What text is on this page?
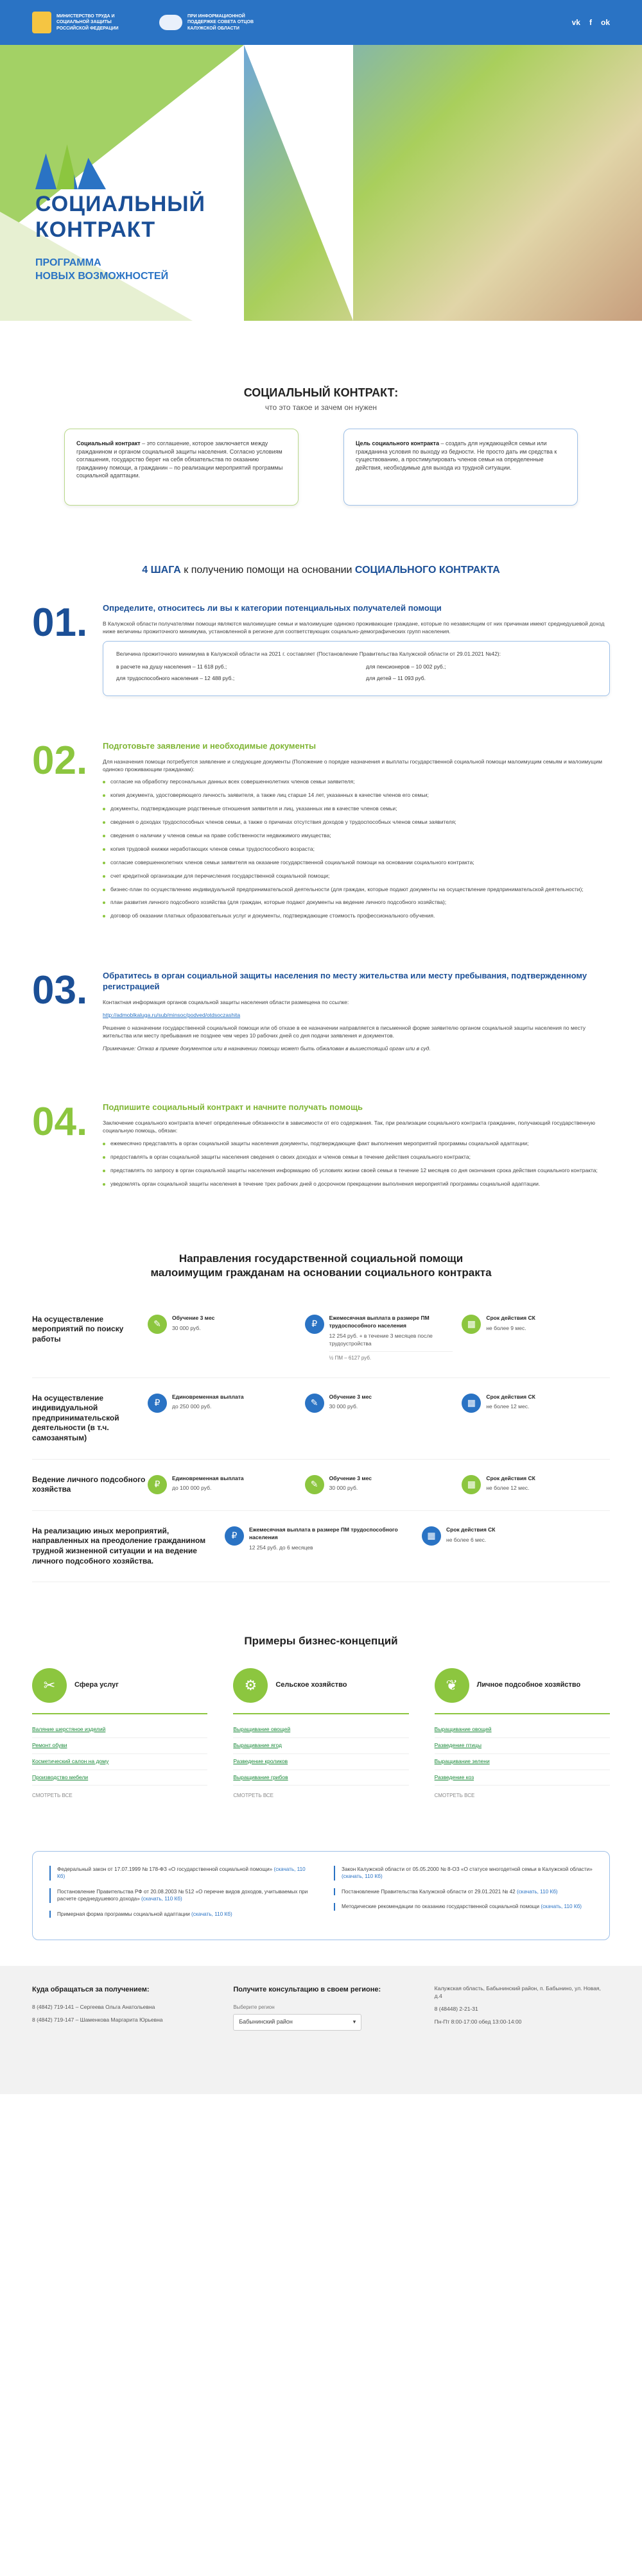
МИНИСТЕРСТВО ТРУДА И СОЦИАЛЬНОЙ ЗАЩИТЫ РОССИЙСКОЙ ФЕДЕРАЦИИ
ПРИ ИНФОРМАЦИОННОЙ ПОДДЕРЖКЕ СОВЕТА ОТЦОВ КАЛУЖСКОЙ ОБЛАСТИ
vk f ok
СОЦИАЛЬНЫЙ
КОНТРАКТ
ПРОГРАММА
НОВЫХ ВОЗМОЖНОСТЕЙ
СОЦИАЛЬНЫЙ КОНТРАКТ:
что это такое и зачем он нужен
Социальный контракт – это соглашение, которое заключается между гражданином и органом социальной защиты населения. Согласно условиям соглашения, государство берет на себя обязательства по оказанию гражданину помощи, а гражданин – по реализации мероприятий программы социальной адаптации.
Цель социального контракта – создать для нуждающейся семьи или гражданина условия по выходу из бедности. Не просто дать им средства к существованию, а простимулировать членов семьи на определенные действия, необходимые для выхода из трудной ситуации.
4 ШАГА к получению помощи на основании СОЦИАЛЬНОГО КОНТРАКТА
01. Определите, относитесь ли вы к категории потенциальных получателей помощи

В Калужской области получателями помощи являются малоимущие семьи и малоимущие одиноко проживающие граждане, которые по независящим от них причинам имеют среднедушевой доход ниже величины прожиточного минимума, установленной в регионе для соответствующих социально-демографических групп населения.

Величина прожиточного минимума в Калужской области на 2021 г. составляет (Постановление Правительства Калужской области от 29.01.2021 №42):

в расчете на душу населения – 11 618 руб.;
для трудоспособного населения – 12 488 руб.;
для пенсионеров – 10 002 руб.;
для детей – 11 093 руб.
02. Подготовьте заявление и необходимые документы

Для назначения помощи потребуется заявление и следующие документы (Положение о порядке назначения и выплаты государственной социальной помощи малоимущим семьям и малоимущим одиноко проживающим гражданам):

согласие на обработку персональных данных всех совершеннолетних членов семьи заявителя;
копия документа, удостоверяющего личность заявителя, а также лиц старше 14 лет, указанных в качестве членов его семьи;
документы, подтверждающие родственные отношения заявителя и лиц, указанных им в качестве членов семьи;
сведения о доходах трудоспособных членов семьи, а также о причинах отсутствия доходов у трудоспособных членов семьи заявителя;
сведения о наличии у членов семьи на праве собственности недвижимого имущества;
копия трудовой книжки неработающих членов семьи трудоспособного возраста;
согласие совершеннолетних членов семьи заявителя на оказание государственной социальной помощи на основании социального контракта;
счет кредитной организации для перечисления государственной социальной помощи;
бизнес-план по осуществлению индивидуальной предпринимательской деятельности (для граждан, которые подают документы на осуществление предпринимательской деятельности);
план развития личного подсобного хозяйства (для граждан, которые подают документы на ведение личного подсобного хозяйства);
договор об оказании платных образовательных услуг и документы, подтверждающие стоимость профессионального обучения.
03. Обратитесь в орган социальной защиты населения по месту жительства или месту пребывания, подтвержденному регистрацией

Контактная информация органов социальной защиты населения области размещена по ссылке:

http://admoblkaluga.ru/sub/minsoc/podved/otdsoczashita

Решение о назначении государственной социальной помощи или об отказе в ее назначении направляется в письменной форме заявителю органом социальной защиты населения по месту жительства или месту пребывания не позднее чем через 10 рабочих дней со дня подачи заявления и документов.

Примечание: Отказ в приеме документов или в назначении помощи может быть обжалован в вышестоящий орган или в суд.

04. Подпишите социальный контракт и начните получать помощь

Заключение социального контракта влечет определенные обязанности в зависимости от его содержания. Так, при реализации социального контракта гражданин, получающий государственную социальную помощь, обязан:

ежемесячно представлять в орган социальной защиты населения документы, подтверждающие факт выполнения мероприятий программы социальной адаптации;
предоставлять в орган социальной защиты населения сведения о своих доходах и членов семьи в течение действия социального контракта;
представлять по запросу в орган социальной защиты населения информацию об условиях жизни своей семьи в течение 12 месяцев со дня окончания срока действия социального контракта;
уведомлять орган социальной защиты населения в течение трех рабочих дней о досрочном прекращении выполнения мероприятий программы социальной адаптации.
Направления государственной социальной помощи
малоимущим гражданам на основании социального контракта
На осуществление мероприятий по поиску работы
✎
Обучение 3 мес
30 000 руб.	₽
Ежемесячная выплата в размере ПМ трудоспособного населения
12 254 руб. + в течение 3 месяцев после трудоустройства
½ ПМ – 6127 руб.
▦
Срок действия СК
не более 9 мес.
На осуществление индивидуальной предпринимательской деятельности (в т.ч. самозанятым)
₽
Единовременная выплата
до 250 000 руб.	✎
Обучение 3 мес
30 000 руб.	▦
Срок действия СК
не более 12 мес.
Ведение личного подсобного хозяйства
₽
Единовременная выплата
до 100 000 руб.	✎
Обучение 3 мес
30 000 руб.	▦
Срок действия СК
не более 12 мес.
На реализацию иных мероприятий, направленных на преодоление гражданином трудной жизненной ситуации и на ведение личного подсобного хозяйства.
₽
Ежемесячная выплата в размере ПМ трудоспособного населения
12 254 руб. до 6 месяцев
▦
Срок действия СК
не более 6 мес.
Примеры бизнес-концепций
✂	Сфера услуг
Валяние шерстяное изделий
Ремонт обуви
Косметический салон на дому
Производство мебели
СМОТРЕТЬ ВСЕ
⚙	Сельское хозяйство
Выращивание овощей
Выращивание ягод
Разведение кроликов
Выращивание грибов
СМОТРЕТЬ ВСЕ
❦	Личное подсобное хозяйство
Выращивание овощей
Разведение птицы
Выращивание зелени
Разведение коз
СМОТРЕТЬ ВСЕ
Федеральный закон от 17.07.1999 № 178-ФЗ «О государственной социальной помощи» (скачать, 110 Кб)
Постановление Правительства РФ от 20.08.2003 № 512 «О перечне видов доходов, учитываемых при расчете среднедушевого дохода» (скачать, 110 Кб)
Примерная форма программы социальной адаптации (скачать, 110 Кб)
Закон Калужской области от 05.05.2000 № 8-ОЗ «О статусе многодетной семьи в Калужской области» (скачать, 110 Кб)
Постановление Правительства Калужской области от 29.01.2021 № 42 (скачать, 110 Кб)
Методические рекомендации по оказанию государственной социальной помощи (скачать, 110 Кб)
Куда обращаться за получением:
8 (4842) 719-141 – Сергеева Ольга Анатольевна
8 (4842) 719-147 – Шаменкова Маргарита Юрьевна
Получите консультацию в своем регионе:
Выберите регион
Бабынинский район	▾
Калужская область, Бабынинский район, п. Бабынино, ул. Новая, д.4
8 (48448) 2-21-31
Пн-Пт 8:00-17:00 обед 13:00-14:00
